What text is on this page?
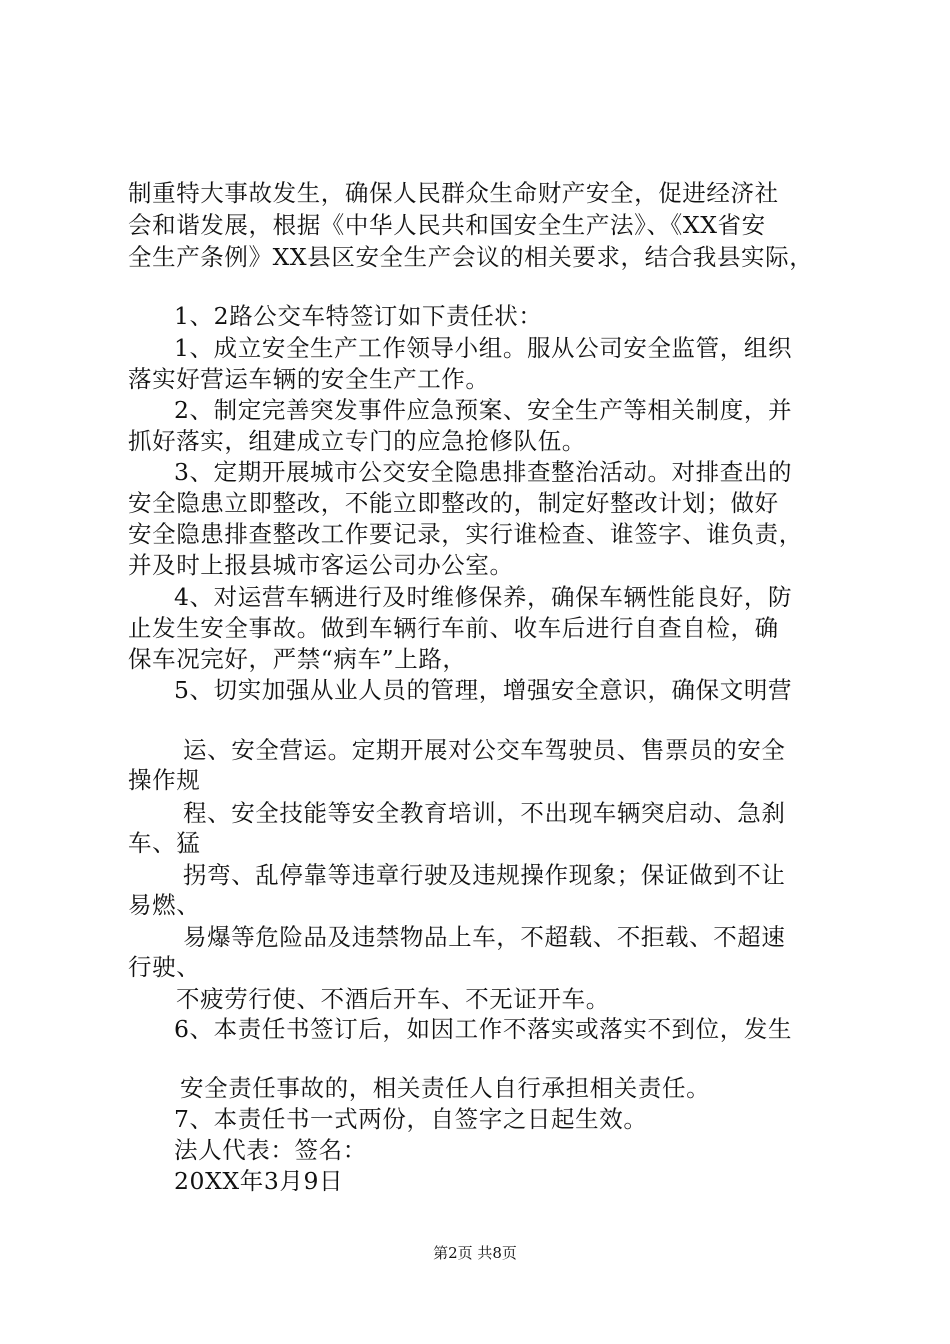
制重特大事故发生，确保人民群众生命财产安全，促进经济社

会和谐发展，根据《中华人民共和国安全生产法》、《XX省安

全生产条例》XX县区安全生产会议的相关要求，结合我县实际，

1、2路公交车特签订如下责任状：

1、成立安全生产工作领导小组。服从公司安全监管，组织

落实好营运车辆的安全生产工作。

2、制定完善突发事件应急预案、安全生产等相关制度，并

抓好落实，组建成立专门的应急抢修队伍。

3、定期开展城市公交安全隐患排查整治活动。对排查出的

安全隐患立即整改，不能立即整改的，制定好整改计划；做好

安全隐患排查整改工作要记录，实行谁检查、谁签字、谁负责，

并及时上报县城市客运公司办公室。

4、对运营车辆进行及时维修保养，确保车辆性能良好，防

止发生安全事故。做到车辆行车前、收车后进行自查自检，确

保车况完好，严禁“病车”上路，

5、切实加强从业人员的管理，增强安全意识，确保文明营

运、安全营运。定期开展对公交车驾驶员、售票员的安全

操作规

程、安全技能等安全教育培训，不出现车辆突启动、急刹

车、猛

拐弯、乱停靠等违章行驶及违规操作现象；保证做到不让

易燃、

易爆等危险品及违禁物品上车，不超载、不拒载、不超速

行驶、

不疲劳行使、不酒后开车、不无证开车。

6、本责任书签订后，如因工作不落实或落实不到位，发生

安全责任事故的，相关责任人自行承担相关责任。

7、本责任书一式两份，自签字之日起生效。

法人代表：签名：

20XX年3月9日

第2页 共8页
